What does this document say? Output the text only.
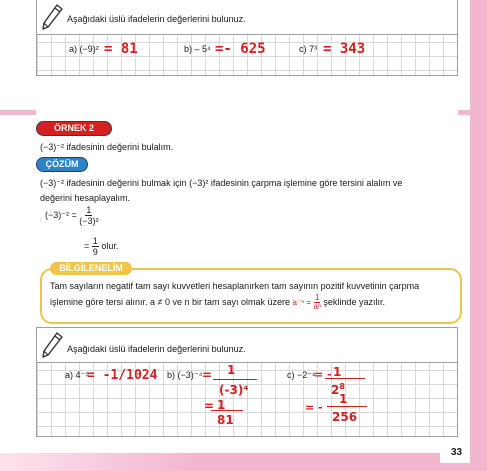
Aşağıdaki üslü ifadelerin değerlerini bulunuz.
a) (−9)² = 81	b) – 5⁴ =- 625	c) 7³ = 343
ÖRNEK 2
(−3)⁻² ifadesinin değerini bulalım.
ÇÖZÜM
(−3)⁻² ifadesinin değerini bulmak için (−3)² ifadesinin çarpma işlemine göre tersini alalım ve
değerini hesaplayalım.
$(-3)^{-2} = \frac{1}{\text{(−3)²}}$
= $\frac{1}{9}$ olur.
BİLGİLENELİM
Tam sayıların negatif tam sayı kuvvetleri hesaplanırken tam sayının pozitif kuvvetinin çarpma
işlemine göre tersi alınır. a ≠ 0 ve n bir tam sayı olmak üzere $a^{-n} = \frac{1}{\text{aⁿ}}$ şeklinde yazılır.
Aşağıdaki üslü ifadelerin değerlerini bulunuz.
a) 4⁻⁵
= -1/1024 b) (−3)⁻⁴ = 1
(-3)⁴
= 1
81
c) −2⁻⁸
= - 1
$2^8$
= -
1
256
33
